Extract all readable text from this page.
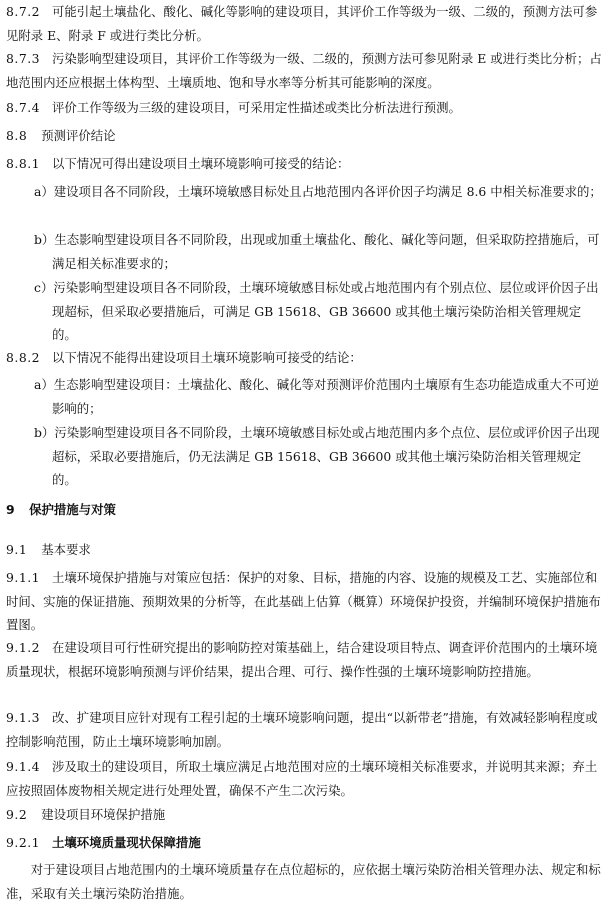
8.7.2 可能引起土壤盐化、酸化、碱化等影响的建设项目，其评价工作等级为一级、二级的，预测方法可参见附录 E、附录 F 或进行类比分析。
8.7.3 污染影响型建设项目，其评价工作等级为一级、二级的，预测方法可参见附录 E 或进行类比分析；占地范围内还应根据土体构型、土壤质地、饱和导水率等分析其可能影响的深度。
8.7.4 评价工作等级为三级的建设项目，可采用定性描述或类比分析法进行预测。
8.8 预测评价结论
8.8.1 以下情况可得出建设项目土壤环境影响可接受的结论：
a）建设项目各不同阶段，土壤环境敏感目标处且占地范围内各评价因子均满足 8.6 中相关标准要求的；
b）生态影响型建设项目各不同阶段，出现或加重土壤盐化、酸化、碱化等问题，但采取防控措施后，可满足相关标准要求的；
c）污染影响型建设项目各不同阶段，土壤环境敏感目标处或占地范围内有个别点位、层位或评价因子出现超标，但采取必要措施后，可满足 GB 15618、GB 36600 或其他土壤污染防治相关管理规定的。
8.8.2 以下情况不能得出建设项目土壤环境影响可接受的结论：
a）生态影响型建设项目：土壤盐化、酸化、碱化等对预测评价范围内土壤原有生态功能造成重大不可逆影响的；
b）污染影响型建设项目各不同阶段，土壤环境敏感目标处或占地范围内多个点位、层位或评价因子出现超标，采取必要措施后，仍无法满足 GB 15618、GB 36600 或其他土壤污染防治相关管理规定的。
9 保护措施与对策
9.1 基本要求
9.1.1 土壤环境保护措施与对策应包括：保护的对象、目标，措施的内容、设施的规模及工艺、实施部位和时间、实施的保证措施、预期效果的分析等，在此基础上估算（概算）环境保护投资，并编制环境保护措施布置图。
9.1.2 在建设项目可行性研究提出的影响防控对策基础上，结合建设项目特点、调查评价范围内的土壤环境质量现状，根据环境影响预测与评价结果，提出合理、可行、操作性强的土壤环境影响防控措施。
9.1.3 改、扩建项目应针对现有工程引起的土壤环境影响问题，提出“以新带老”措施，有效减轻影响程度或控制影响范围，防止土壤环境影响加剧。
9.1.4 涉及取土的建设项目，所取土壤应满足占地范围对应的土壤环境相关标准要求，并说明其来源；弃土应按照固体废物相关规定进行处理处置，确保不产生二次污染。
9.2 建设项目环境保护措施
9.2.1 土壤环境质量现状保障措施
对于建设项目占地范围内的土壤环境质量存在点位超标的，应依据土壤污染防治相关管理办法、规定和标准，采取有关土壤污染防治措施。
